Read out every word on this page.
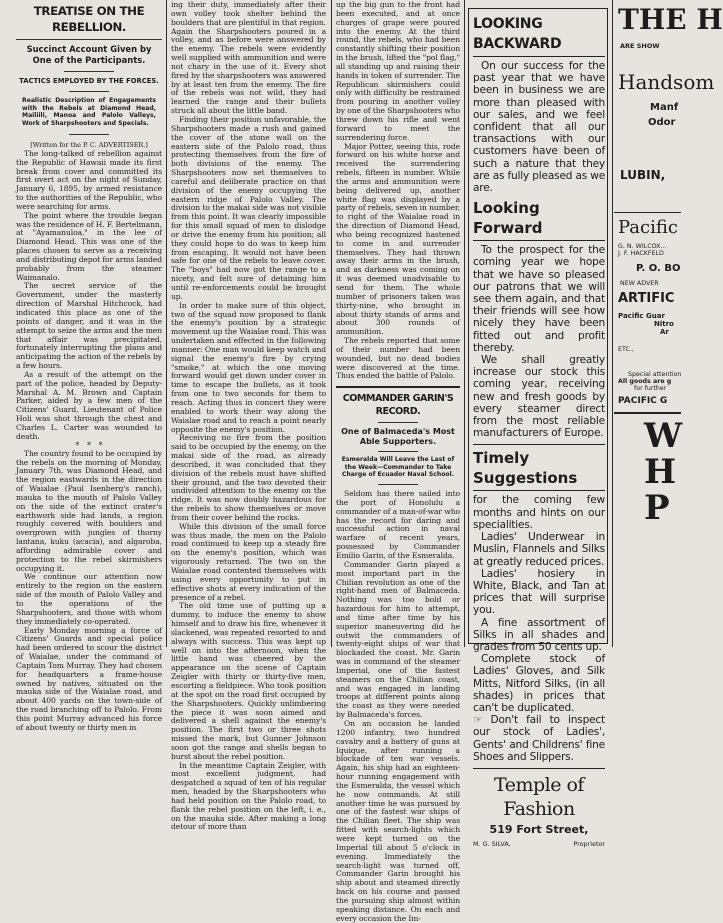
TREATISE ON THE REBELLION.
Succinct Account Given by One of the Participants.
TACTICS EMPLOYED BY THE FORCES.
Realistic Description of Engagements with the Rebels at Diamond Head, Mailiili, Manoa and Palolo Valleys, Work of Sharpshooters and Specials.

[Written for the P. C. ADVERTISER.]

The long-talked of rebellion against the Republic of Hawaii made its first break from cover and committed its first overt act on the night of Sunday, January 6, 1895, by armed resistance to the authorities of the Republic, who were searching for arms.

The point where the trouble began was the residence of H. F. Bertelmann, at "Ayamanuloa," in the lee of Diamond Head. This was one of the places chosen to serve as a receiving and distributing depot for arms landed probably from the steamer Waimanalo.

The secret service of the Government, under the masterly direction of Marshal Hitchcock, had indicated this place as one of the points of danger, and it was in the attempt to seize the arms and the men that affair was precipitated, fortunately interrupting the plans and anticipating the action of the rebels by a few hours.

As a result of the attempt on the part of the police, headed by Deputy-Marshal A. M. Brown and Captain Parker, aided by a few men of the Citizens' Guard, Lieutenant of Police Holi was shot through the chest and Charles L. Carter was wounded to death.

*   *   *

The country found to be occupied by the rebels on the morning of Monday, January 7th, was Diamond Head, and the region eastwards in the direction of Waialae (Paul Isenberg's ranch), mauka to the mouth of Palolo Valley on the side of the extinct crater's earthwork side had lands, a region roughly covered with boulders and overgrown with jungles of thorny lantana, kuku (acacia), and algaroba, affording admirable cover and protection to the rebel skirmishers occupying it.

We continue our attention now entirely to the region on the eastern side of the mouth of Palolo Valley and to the operations of the Sharpshooters, and those with whom they immediately co-operated.

Early Monday morning a force of Citizens' Guards and special police had been ordered to scour the district of Waialae, under the command of Captain Tom Murray. They had chosen for headquarters a frame-house owned by natives, situated on the mauka side of the Waialae road, and about 400 yards on the town-side of the road branching off to Palolo. From this point Murray advanced his force of about twenty or thirty men in

ing their duty, immediately after their own volley took shelter behind the boulders that are plentiful in that region. Again the Sharpshooters poured in a volley, and as before were answered by the enemy. The rebels were evidently well supplied with ammunition and were not chary in the use of it. Every shot fired by the sharpshooters was answered by at least ten from the enemy. The fire of the rebels was not wild, they had learned the range and their bullets struck all about the little band.

Finding their position unfavorable, the Sharpshooters made a rush and gained the cover of the stone wall on the eastern side of the Palolo road, thus protecting themselves from the fire of both divisions of the enemy. The Sharpshooters now set themselves to careful and deliberate practice on that division of the enemy occupying the eastern ridge of Palolo Valley. The division to the makai side was not visible from this point. It was clearly impossible for this small squad of men to dislodge or drive the enemy from his position; all they could hope to do was to keep him from escaping. It would not have been safe for one of the rebels to leave cover. The "boys" had now got the range to a nicety, and felt sure of detaining him until re-enforcements could be brought up.

In order to make sure of this object, two of the squad now proposed to flank the enemy's position by a strategic movement up the Waialae road. This was undertaken and effected in the following manner: One man would keep watch and signal the enemy's fire by crying "smoke," at which the one moving forward would get down under cover in time to escape the bullets, as it took from one to two seconds for them to reach. Acting thus in concert they were enabled to work their way along the Waialae road and to reach a point nearly opposite the enemy's position.

Receiving no fire from the position said to be occupied by the enemy, on the makai side of the road, as already described, it was concluded that they division of the rebels must have shifted their ground, and the two devoted their undivided attention to the enemy on the ridge. It was now doubly hazardous for the rebels to show themselves or move from their cover behind the rocks.

While this division of the small force was thus made, the men on the Palolo road continued to keep up a steady fire on the enemy's position, which was vigorously returned. The two on the Waialae road contented themselves with using every opportunity to put in effective shots at every indication of the presence of a rebel.

The old time use of putting up a dummy, to induce the enemy to show himself and to draw his fire, whenever it slackened, was repeated resorted to and always with success. This was kept up well on into the afternoon, when the little band was cheered by the appearance on the scene of Captain Zeigler with thirty or thirty-five men, escorting a fieldpiece. Who took position at the spot on the road first occupied by the Sharpshooters. Quickly unlimbering the piece it was soon aimed and delivered a shell against the enemy's position. The first two or three shots missed the mark, but Gunner Johnson soon got the range and shells began to burst about the rebel position.

In the meantime Captain Zeigler, with most excellent judgment, had despatched a squad of ten of his regular men, headed by the Sharpshooters who had held position on the Palolo road, to flank the rebel position on the left, i. e., on the mauka side. After making a long detour of more than

up the big gun to the front had been executed, and at once charges of grape were poured into the enemy. At the third round, the rebels, who had been constantly shifting their position in the brush, lifted the "pol flag," all standing up and raising their hands in token of surrender. The Republican skirmishers could only with difficulty be restrained from pouring in another volley by one of the Sharpshooters who threw down his rifle and went forward to meet the surrendering force.

Major Potter, seeing this, rode forward on his white horse and received the surrendering rebels, fifteen in number. While the arms and ammunition were being delivered up, another white flag was displayed by a party of rebels, seven in number, to right of the Waialae road in the direction of Diamond Head, who being recognized hastened to come in and surrender themselves. They had thrown away their arms in the brush, and as darkness was coming on it was deemed unadvisable to send for them. The whole number of prisoners taken was thirty-nine, who brought in about thirty stands of arms and about 300 rounds of ammunition.

The rebels reported that some of their number had been wounded, but no dead bodies were discovered at the time. Thus ended the battle of Palolo.

COMMANDER GARIN'S RECORD.
One of Balmaceda's Most Able Supporters.
Esmeralda Will Leave the Last of the Week—Commander to Take Charge of Ecuador Naval School.

Seldom has there sailed into the port of Honolulu a commander of a man-of-war who has the record for daring and successful action in naval warfare of recent years, possessed by Commander Emilio Garin, of the Esmeralda.

Commander Garin played a most important part in the Chilian revolution as one of the right-hand men of Balmaceda. Nothing was too bold or hazardous for him to attempt, and time after time by his superior maneuvering did he outwit the commanders of twenty-eight ships of war that blockaded the coast. Mr. Garin was in command of the steamer Imperial, one of the fastest steamers on the Chilian coast, and was engaged in landing troops at different points along the coast as they were needed by Balmaceda's forces.

On an occasion he landed 1200 infantry, two hundred cavalry and a battery of guns at Iquique, after running a blockade of ten war vessels. Again, his ship had an eighteen-hour running engagement with the Esmeralda, the vessel which he now commands. At still another time he was pursued by one of the fastest war ships of the Chilian fleet. The ship was fitted with search-lights which were kept turned on the Imperial till about 5 o'clock in evening. Immediately the search-light was turned off, Commander Garin brought his ship about and steamed directly back on his course and passed the pursuing ship almost within speaking distance. On each and every occasion the Im-

LOOKING BACKWARD
On our success for the past year that we have been in business we are more than pleased with our sales, and we feel confident that all our transactions with our customers have been of such a nature that they are as fully pleased as we are.
Looking Forward
To the prospect for the coming year we hope that we have so pleased our patrons that we will see them again, and that their friends will see how nicely they have been fitted out and profit thereby.
We shall greatly increase our stock this coming year, receiving new and fresh goods by every steamer direct from the most reliable manufacturers of Europe.
Timely Suggestions
for the coming few months and hints on our specialities.
Ladies' Underwear in Muslin, Flannels and Silks at greatly reduced prices.
Ladies' hosiery in White, Black, and Tan at prices that will surprise you.
A fine assortment of Silks in all shades and grades from 50 cents up.
Complete stock of Ladies' Gloves, and Silk Mitts, Nitford Silks, (in all shades) in prices that can't be duplicated.
☞ Don't fail to inspect our stock of Ladies', Gents' and Childrens' fine Shoes and Slippers.
Temple of Fashion
519 Fort Street,
M. G. SILVA,	Proprietor
THE H
ARE SHOW
Handsom
Manf
Odor
LUBIN,
Pacific
G. N. WILCOX...
J. F. HACKFELD
P. O. BO
NEW ADVER
ARTIFIC
Pacific Guar
Nitro
Ar
ETC.,
Special attention
All goods are g
for further
PACIFIC G
W
H
P
